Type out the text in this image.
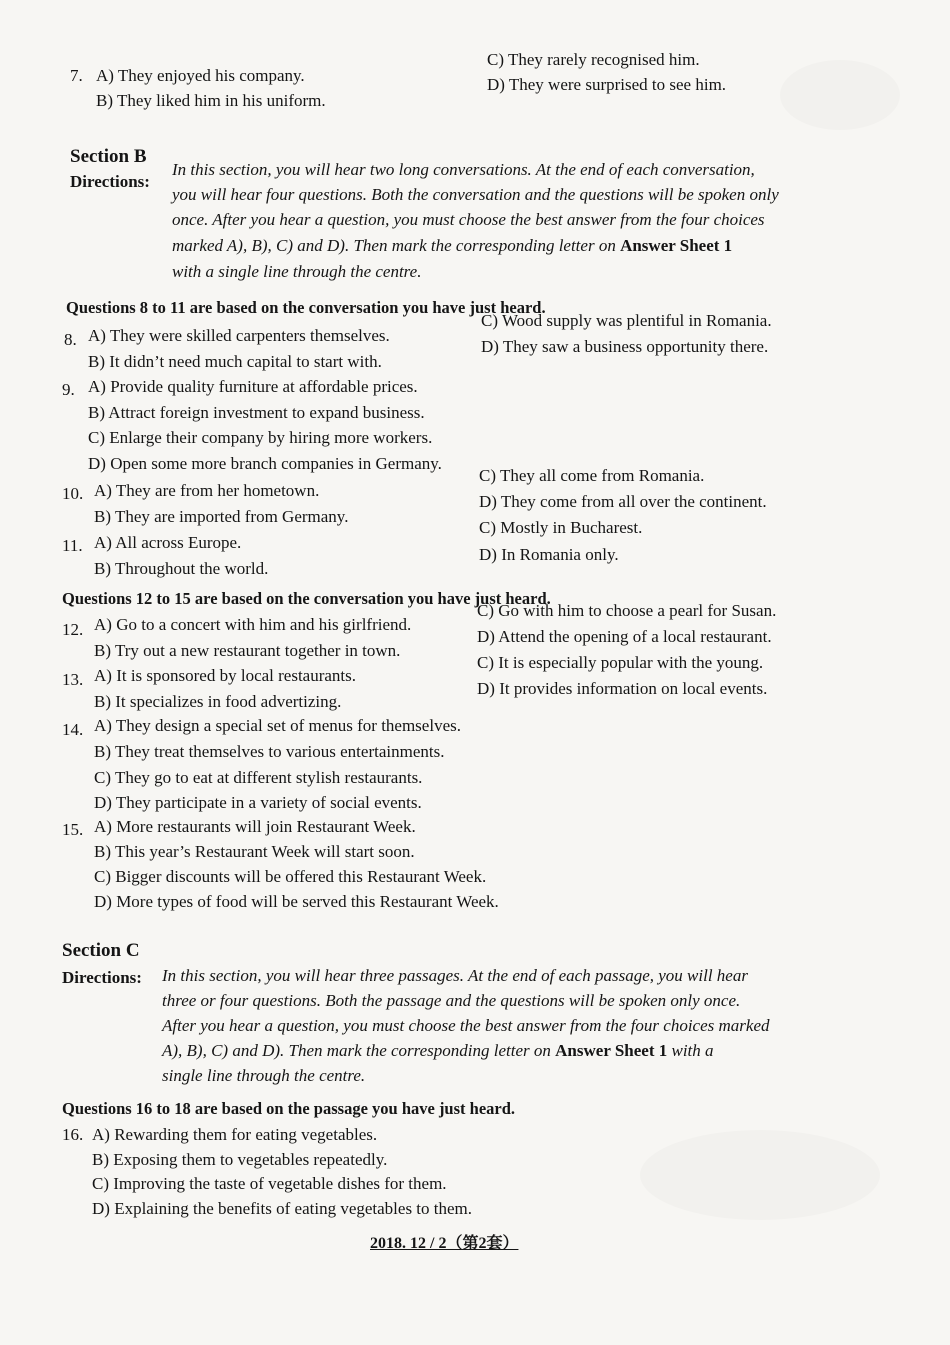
7. A) They enjoyed his company.
B) They liked him in his uniform.
C) They rarely recognised him.
D) They were surprised to see him.
Section B
Directions:
In this section, you will hear two long conversations. At the end of each conversation,
you will hear four questions. Both the conversation and the questions will be spoken only
once. After you hear a question, you must choose the best answer from the four choices
marked A), B), C) and D). Then mark the corresponding letter on Answer Sheet 1
with a single line through the centre.
Questions 8 to 11 are based on the conversation you have just heard.
8. A) They were skilled carpenters themselves.
B) It didn’t need much capital to start with.
C) Wood supply was plentiful in Romania.
D) They saw a business opportunity there.
9. A) Provide quality furniture at affordable prices.
B) Attract foreign investment to expand business.
C) Enlarge their company by hiring more workers.
D) Open some more branch companies in Germany.
10. A) They are from her hometown.
B) They are imported from Germany.
C) They all come from Romania.
D) They come from all over the continent.
11. A) All across Europe.
B) Throughout the world.
C) Mostly in Bucharest.
D) In Romania only.
Questions 12 to 15 are based on the conversation you have just heard.
12. A) Go to a concert with him and his girlfriend.
B) Try out a new restaurant together in town.
C) Go with him to choose a pearl for Susan.
D) Attend the opening of a local restaurant.
13. A) It is sponsored by local restaurants.
B) It specializes in food advertizing.
C) It is especially popular with the young.
D) It provides information on local events.
14. A) They design a special set of menus for themselves.
B) They treat themselves to various entertainments.
C) They go to eat at different stylish restaurants.
D) They participate in a variety of social events.
15. A) More restaurants will join Restaurant Week.
B) This year’s Restaurant Week will start soon.
C) Bigger discounts will be offered this Restaurant Week.
D) More types of food will be served this Restaurant Week.
Section C
Directions: In this section, you will hear three passages. At the end of each passage, you will hear
three or four questions. Both the passage and the questions will be spoken only once.
After you hear a question, you must choose the best answer from the four choices marked
A), B), C) and D). Then mark the corresponding letter on Answer Sheet 1 with a
single line through the centre.
Questions 16 to 18 are based on the passage you have just heard.
16. A) Rewarding them for eating vegetables.
B) Exposing them to vegetables repeatedly.
C) Improving the taste of vegetable dishes for them.
D) Explaining the benefits of eating vegetables to them.
2018. 12 / 2（第2套）
